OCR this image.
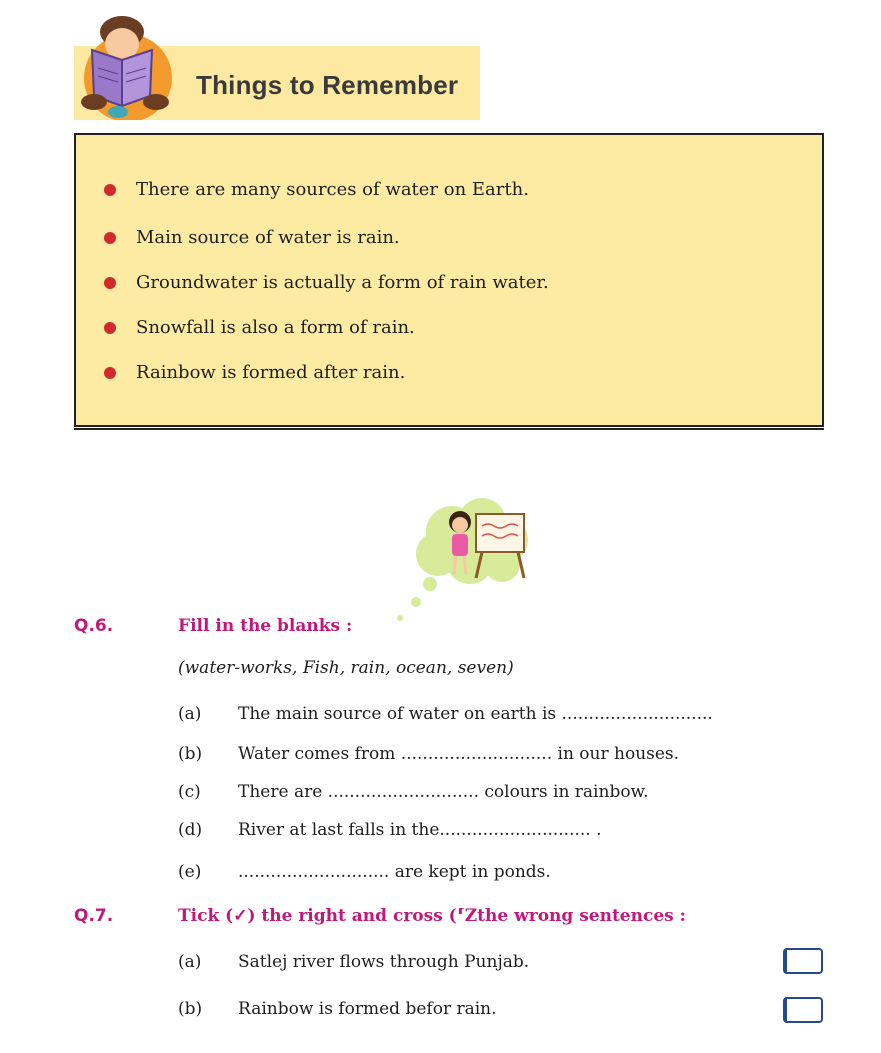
Things to Remember
There are many sources of water on Earth.
Main source of water is rain.
Groundwater is actually a form of rain water.
Snowfall is also a form of rain.
Rainbow is formed after rain.
Q.6.	Fill in the blanks :
(water-works, Fish, rain, ocean, seven)
(a) The main source of water on earth is ............................
(b) Water comes from ............................ in our houses.
(c) There are ............................ colours in rainbow.
(d) River at last falls in the............................ .
(e) ............................ are kept in ponds.
Q.7.	Tick (✓) the right and cross (⸢Zthe wrong sentences :
(a) Satlej river flows through Punjab.
(b) Rainbow is formed befor rain.
